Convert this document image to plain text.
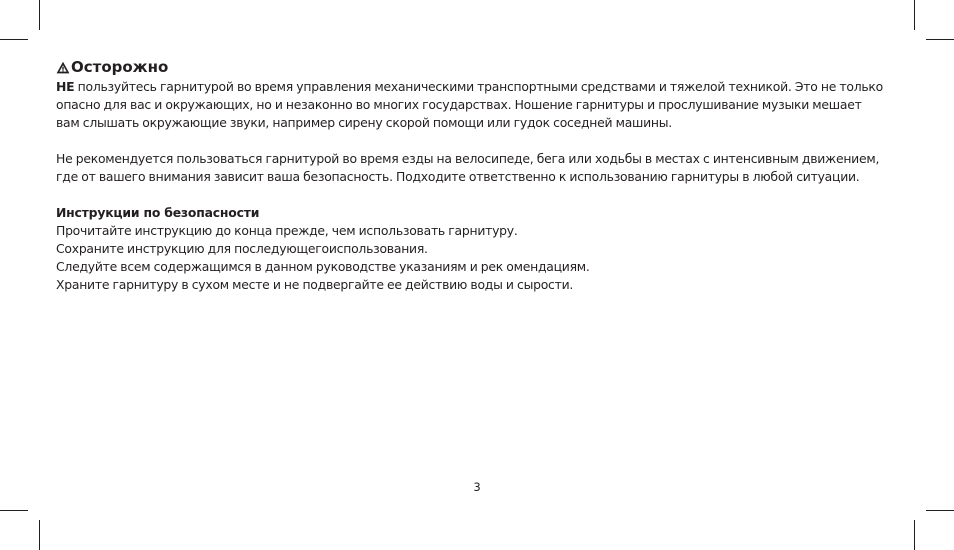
Осторожно

НЕ пользуйтесь гарнитурой во время управления механическими транспортными средствами и тяжелой техникой. Это не только
опасно для вас и окружающих, но и незаконно во многих государствах. Ношение гарнитуры и прослушивание музыки мешает
вам слышать окружающие звуки, например сирену скорой помощи или гудок соседней машины.

Не рекомендуется пользоваться гарнитурой во время езды на велосипеде, бега или ходьбы в местах с интенсивным движением,
где от вашего внимания зависит ваша безопасность. Подходите ответственно к использованию гарнитуры в любой ситуации.

Инструкции по безопасности

Прочитайте инструкцию до конца прежде, чем использовать гарнитуру.
Сохраните инструкцию для последующегоиспользования.
Следуйте всем содержащимся в данном руководстве указаниям и рек омендациям.
Храните гарнитуру в сухом месте и не подвергайте ее действию воды и сырости.

3
